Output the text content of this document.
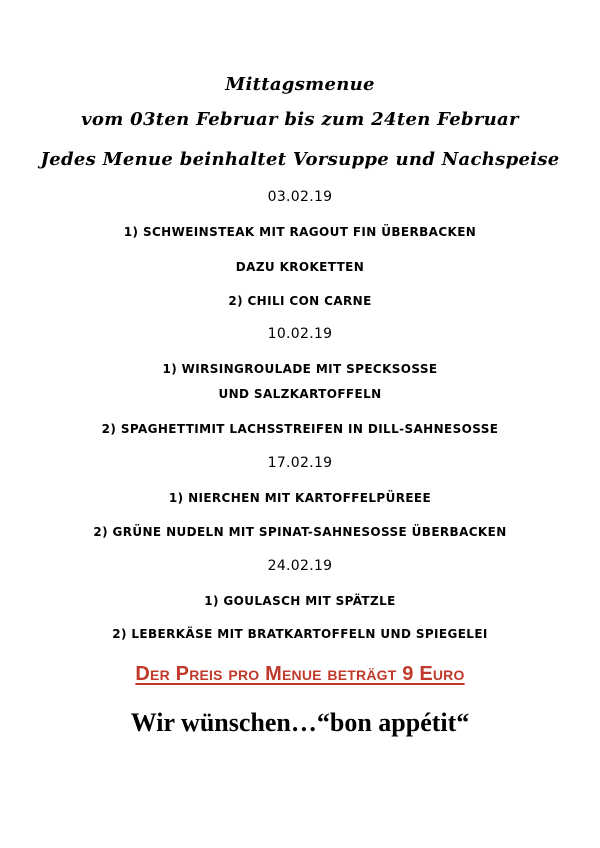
Mittagsmenue
vom 03ten Februar bis zum 24ten Februar
Jedes Menue beinhaltet Vorsuppe und Nachspeise
03.02.19
1) SCHWEINSTEAK MIT RAGOUT FIN ÜBERBACKEN
DAZU KROKETTEN
2) CHILI CON CARNE
10.02.19
1) WIRSINGROULADE MIT SPECKSOSSE
UND SALZKARTOFFELN
2) SPAGHETTIMIT LACHSSTREIFEN IN DILL-SAHNESOSSE
17.02.19
1) NIERCHEN MIT KARTOFFELPÜREEE
2) GRÜNE NUDELN MIT SPINAT-SAHNESOSSE ÜBERBACKEN
24.02.19
1) GOULASCH MIT SPÄTZLE
2) LEBERKÄSE MIT BRATKARTOFFELN UND SPIEGELEI
Der Preis pro Menue beträgt 9 Euro
Wir wünschen…“bon appétit“
